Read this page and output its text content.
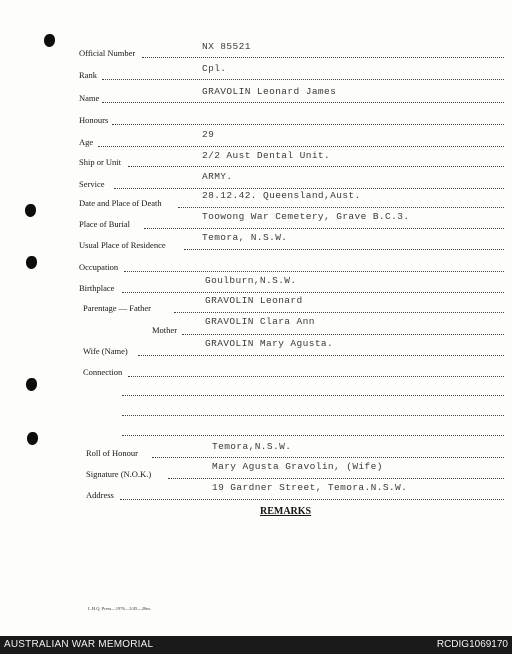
Official Number
NX 85521
Rank
Cpl.
Name
GRAVOLIN Leonard James
Honours
Age
29
Ship or Unit
2/2 Aust Dental Unit.
Service
ARMY.
Date and Place of Death
28.12.42. Queensland,Aust.
Place of Burial
Toowong War Cemetery, Grave B.C.3.
Usual Place of Residence
Temora, N.S.W.
Occupation
Birthplace
Goulburn,N.S.W.
Parentage — Father
GRAVOLIN Leonard
Mother
GRAVOLIN Clara Ann
Wife (Name)
GRAVOLIN Mary Agusta.
Connection
Roll of Honour
Temora,N.S.W.
Signature (N.O.K.)
Mary Agusta Gravolin, (Wife)
Address
19 Gardner Street, Temora.N.S.W.
REMARKS
L.H.Q. Press—1976—3/45—20m.
AUSTRALIAN WAR MEMORIAL	RCDIG1069170
